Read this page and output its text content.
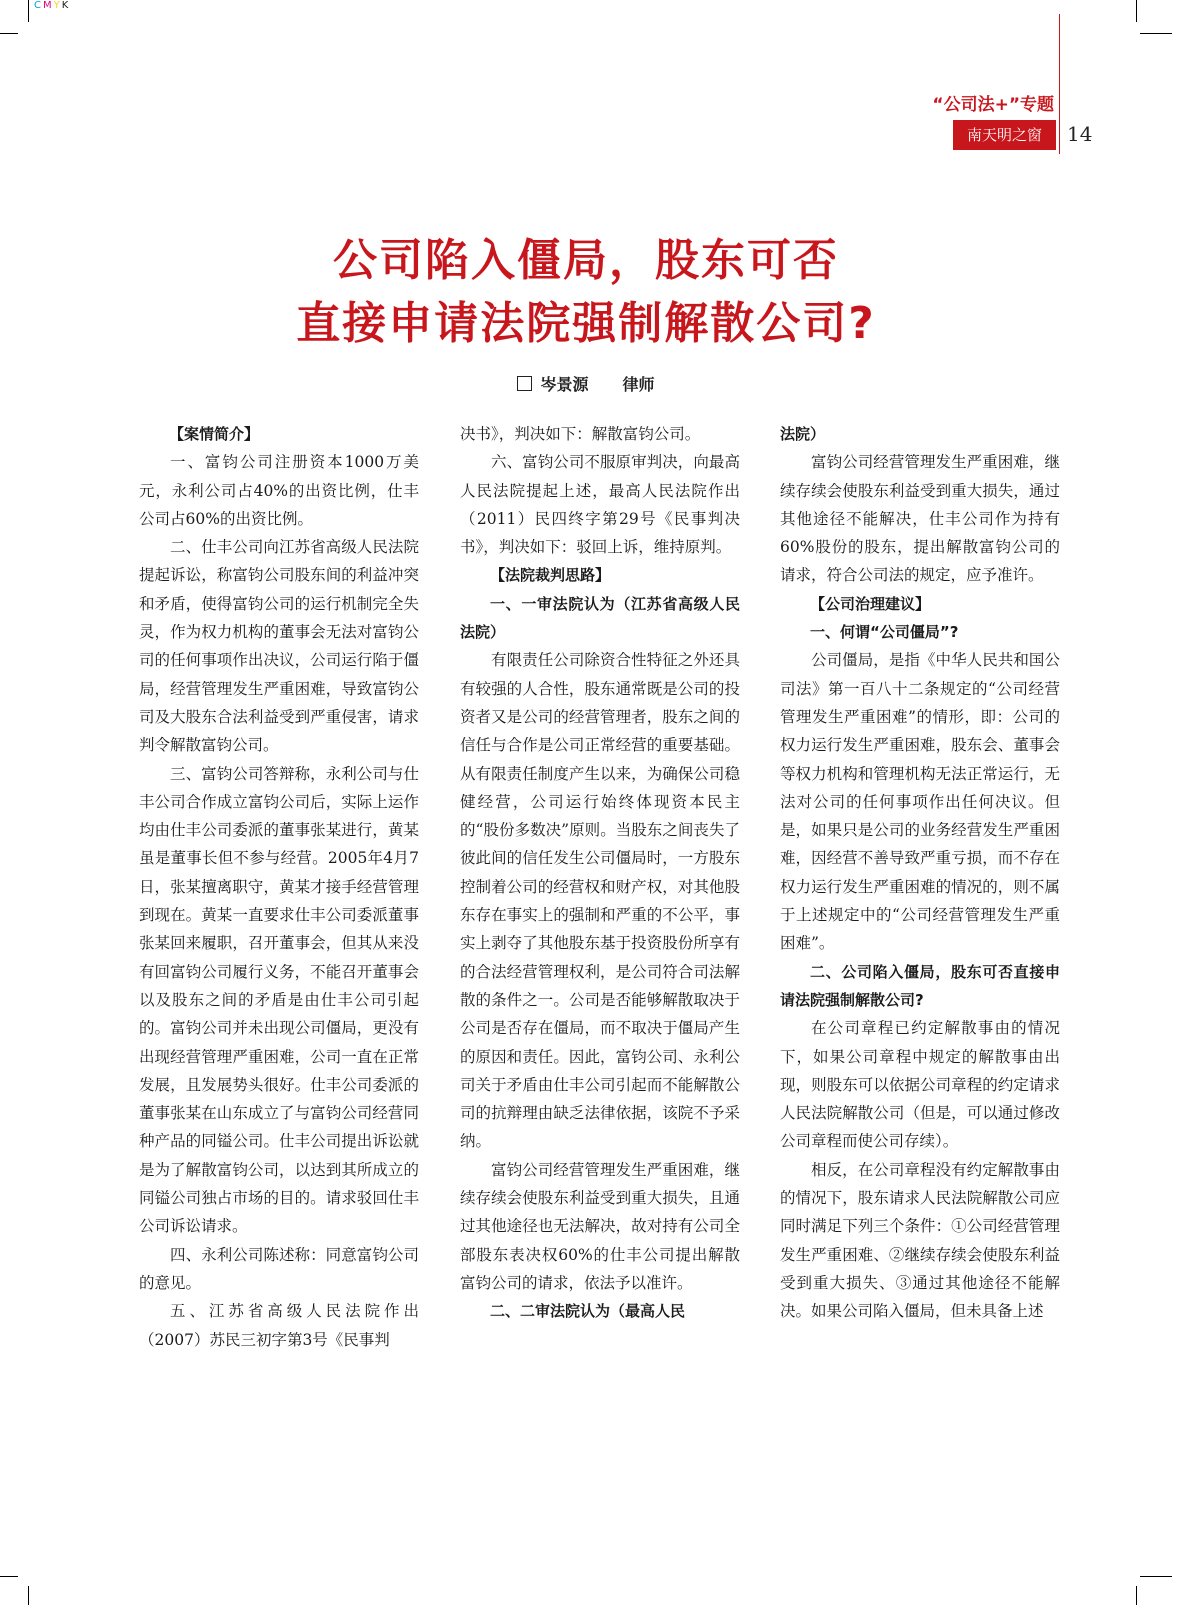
CMYK
“公司法+”专题
南天明之窗	14
公司陷入僵局，股东可否
直接申请法院强制解散公司?
岑景源 律师

【案情简介】

一、富钧公司注册资本1000万美元，永利公司占40%的出资比例，仕丰公司占60%的出资比例。

二、仕丰公司向江苏省高级人民法院提起诉讼，称富钧公司股东间的利益冲突和矛盾，使得富钧公司的运行机制完全失灵，作为权力机构的董事会无法对富钧公司的任何事项作出决议，公司运行陷于僵局，经营管理发生严重困难，导致富钧公司及大股东合法利益受到严重侵害，请求判令解散富钧公司。

三、富钧公司答辩称，永利公司与仕丰公司合作成立富钧公司后，实际上运作均由仕丰公司委派的董事张某进行，黄某虽是董事长但不参与经营。2005年4月7日，张某擅离职守，黄某才接手经营管理到现在。黄某一直要求仕丰公司委派董事张某回来履职，召开董事会，但其从来没有回富钧公司履行义务，不能召开董事会以及股东之间的矛盾是由仕丰公司引起的。富钧公司并未出现公司僵局，更没有出现经营管理严重困难，公司一直在正常发展，且发展势头很好。仕丰公司委派的董事张某在山东成立了与富钧公司经营同种产品的同镒公司。仕丰公司提出诉讼就是为了解散富钧公司，以达到其所成立的同镒公司独占市场的目的。请求驳回仕丰公司诉讼请求。

四、永利公司陈述称：同意富钧公司的意见。

五、江苏省高级人民法院作出（2007）苏民三初字第3号《民事判

决书》，判决如下：解散富钧公司。

六、富钧公司不服原审判决，向最高人民法院提起上述，最高人民法院作出（2011）民四终字第29号《民事判决书》，判决如下：驳回上诉，维持原判。

【法院裁判思路】

一、一审法院认为（江苏省高级人民法院）

有限责任公司除资合性特征之外还具有较强的人合性，股东通常既是公司的投资者又是公司的经营管理者，股东之间的信任与合作是公司正常经营的重要基础。从有限责任制度产生以来，为确保公司稳健经营，公司运行始终体现资本民主的“股份多数决”原则。当股东之间丧失了彼此间的信任发生公司僵局时，一方股东控制着公司的经营权和财产权，对其他股东存在事实上的强制和严重的不公平，事实上剥夺了其他股东基于投资股份所享有的合法经营管理权利，是公司符合司法解散的条件之一。公司是否能够解散取决于公司是否存在僵局，而不取决于僵局产生的原因和责任。因此，富钧公司、永利公司关于矛盾由仕丰公司引起而不能解散公司的抗辩理由缺乏法律依据，该院不予采纳。

富钧公司经营管理发生严重困难，继续存续会使股东利益受到重大损失，且通过其他途径也无法解决，故对持有公司全部股东表决权60%的仕丰公司提出解散富钧公司的请求，依法予以准许。

二、二审法院认为（最高人民

法院）

富钧公司经营管理发生严重困难，继续存续会使股东利益受到重大损失，通过其他途径不能解决，仕丰公司作为持有60%股份的股东，提出解散富钧公司的请求，符合公司法的规定，应予准许。

【公司治理建议】

一、何谓“公司僵局”?

公司僵局，是指《中华人民共和国公司法》第一百八十二条规定的“公司经营管理发生严重困难”的情形，即：公司的权力运行发生严重困难，股东会、董事会等权力机构和管理机构无法正常运行，无法对公司的任何事项作出任何决议。但是，如果只是公司的业务经营发生严重困难，因经营不善导致严重亏损，而不存在权力运行发生严重困难的情况的，则不属于上述规定中的“公司经营管理发生严重困难”。

二、公司陷入僵局，股东可否直接申请法院强制解散公司?

在公司章程已约定解散事由的情况下，如果公司章程中规定的解散事由出现，则股东可以依据公司章程的约定请求人民法院解散公司（但是，可以通过修改公司章程而使公司存续）。

相反，在公司章程没有约定解散事由的情况下，股东请求人民法院解散公司应同时满足下列三个条件：①公司经营管理发生严重困难、②继续存续会使股东利益受到重大损失、③通过其他途径不能解决。如果公司陷入僵局，但未具备上述
